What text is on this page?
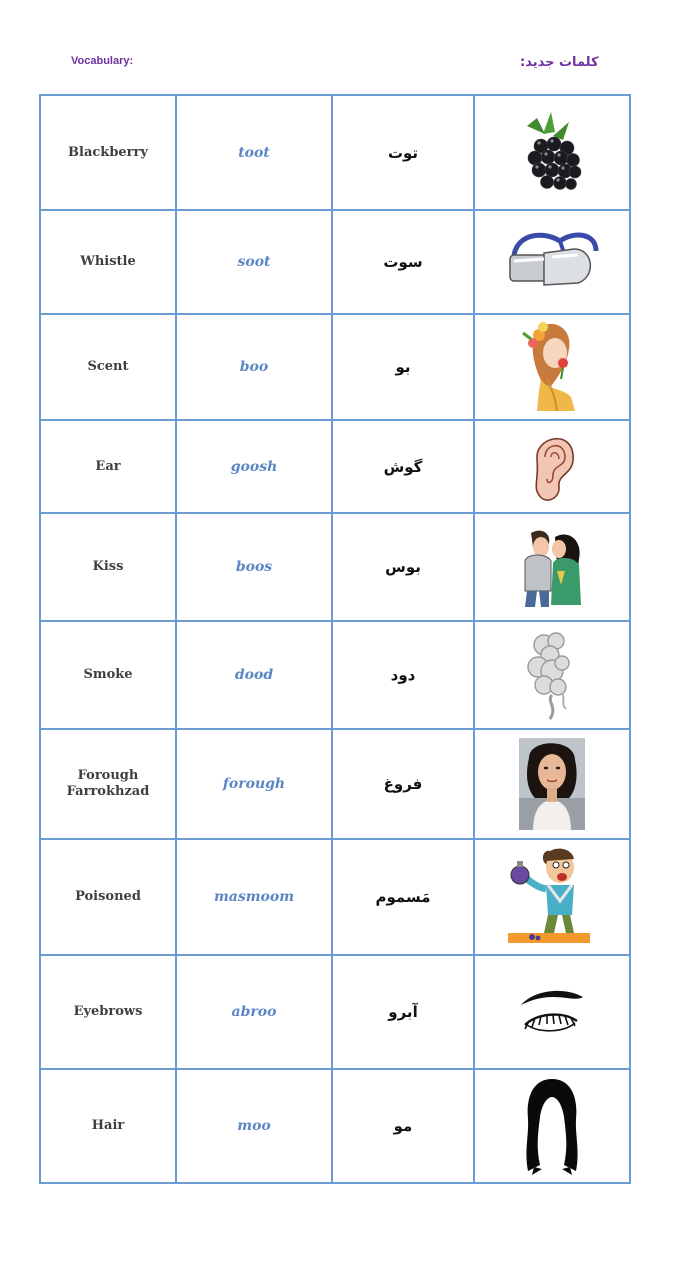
Vocabulary:	کلمات جدید:
Blackberry	toot	توت	

Whistle	soot	سوت	

Scent	boo	بو	

Ear	goosh	گوش	

Kiss	boos	بوس	

Smoke	dood	دود	

Forough Farrokhzad	forough	فروغ	

Poisoned	masmoom	مَسموم	

Eyebrows	abroo	آبرو	

Hair	moo	مو	
